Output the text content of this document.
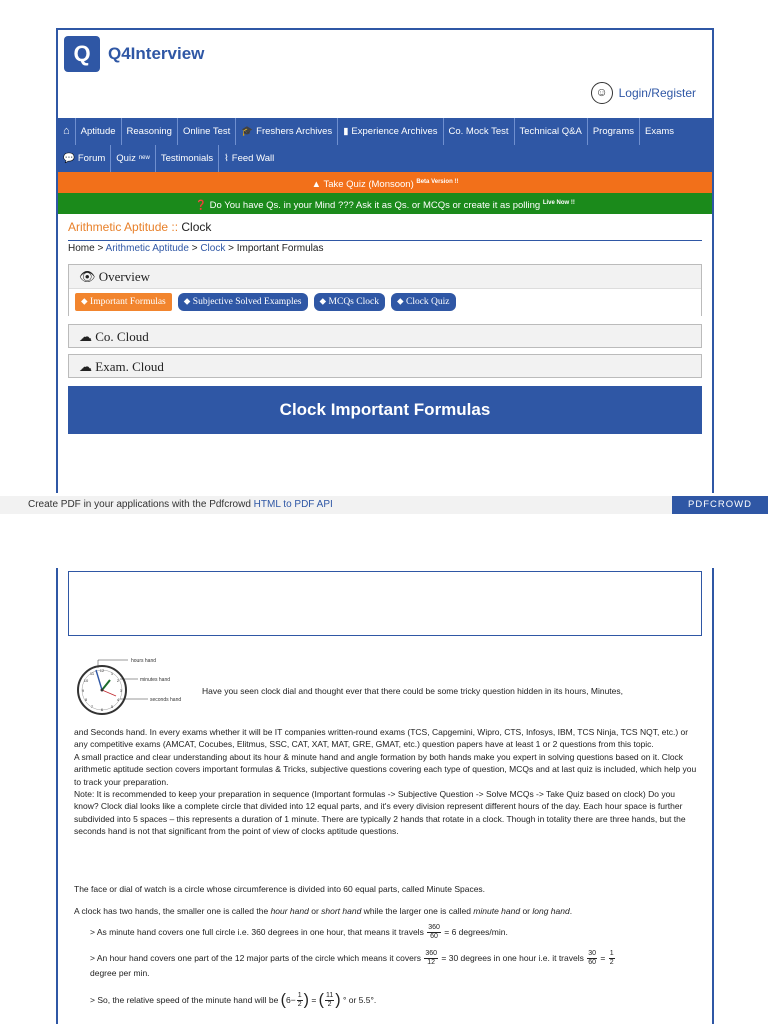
Q	Q4Interview
☺ Login/Register
⌂	Aptitude	Reasoning	Online Test	🎓 Freshers Archives ▮ Experience Archives	Co. Mock Test	Technical Q&A	Programs	Exams
💬 Forum Quiz new	Testimonials	⌇ Feed Wall
▲ Take Quiz (Monsoon) $^{Beta Version !!}$
❓ Do You have Qs. in your Mind ??? Ask it as Qs. or MCQs or create it as polling $^{Live Now !!}$
Arithmetic Aptitude :: Clock
Home > Arithmetic Aptitude > Clock > Important Formulas
👁 Overview
⬥ Important Formulas	⬥ Subjective Solved Examples	⬥ MCQs Clock	⬥ Clock Quiz
☁ Co. Cloud
☁ Exam. Cloud
Clock Important Formulas
Create PDF in your applications with the Pdfcrowd HTML to PDF API	PDFCROWD
12
1
2
3
4
5
6
7
8
9
10
11
hours hand
minutes hand
seconds hand
Have you seen clock dial and thought ever that there could be some tricky question hidden in its hours, Minutes,

and Seconds hand. In every exams whether it will be IT companies written-round exams (TCS, Capgemini, Wipro, CTS, Infosys, IBM, TCS Ninja, TCS NQT, etc.) or any competitive exams (AMCAT, Cocubes, Elitmus, SSC, CAT, XAT, MAT, GRE, GMAT, etc.) question papers have at least 1 or 2 questions from this topic.

A small practice and clear understanding about its hour & minute hand and angle formation by both hands make you expert in solving questions based on it. Clock arithmetic aptitude section covers important formulas & Tricks, subjective questions covering each type of question, MCQs and at last quiz is included, which help you to track your preparation.

Note: It is recommended to keep your preparation in sequence (Important formulas -> Subjective Question -> Solve MCQs -> Take Quiz based on clock) Do you know? Clock dial looks like a complete circle that divided into 12 equal parts, and it's every division represent different hours of the day. Each hour space is further subdivided into 5 spaces – this represents a duration of 1 minute. There are typically 2 hands that rotate in a clock. Though in totality there are three hands, but the seconds hand is not that significant from the point of view of clocks aptitude questions.

The face or dial of watch is a circle whose circumference is divided into 60 equal parts, called Minute Spaces.
A clock has two hands, the smaller one is called the hour hand or short hand while the larger one is called minute hand or long hand.
> As minute hand covers one full circle i.e. 360 degrees in one hour, that means it travels $\frac{360}{60} = 6$ degrees/min.
> An hour hand covers one part of the 12 major parts of the circle which means it covers $\frac{360}{12} = 30$ degrees in one hour i.e. it travels $\frac{30}{60} = \frac{1}{2}$

degree per min.
> So, the relative speed of the minute hand will be ($6- \frac{1}{2}$ ) = ( $\frac{11}{2}$ ) ° or 5.5°.
